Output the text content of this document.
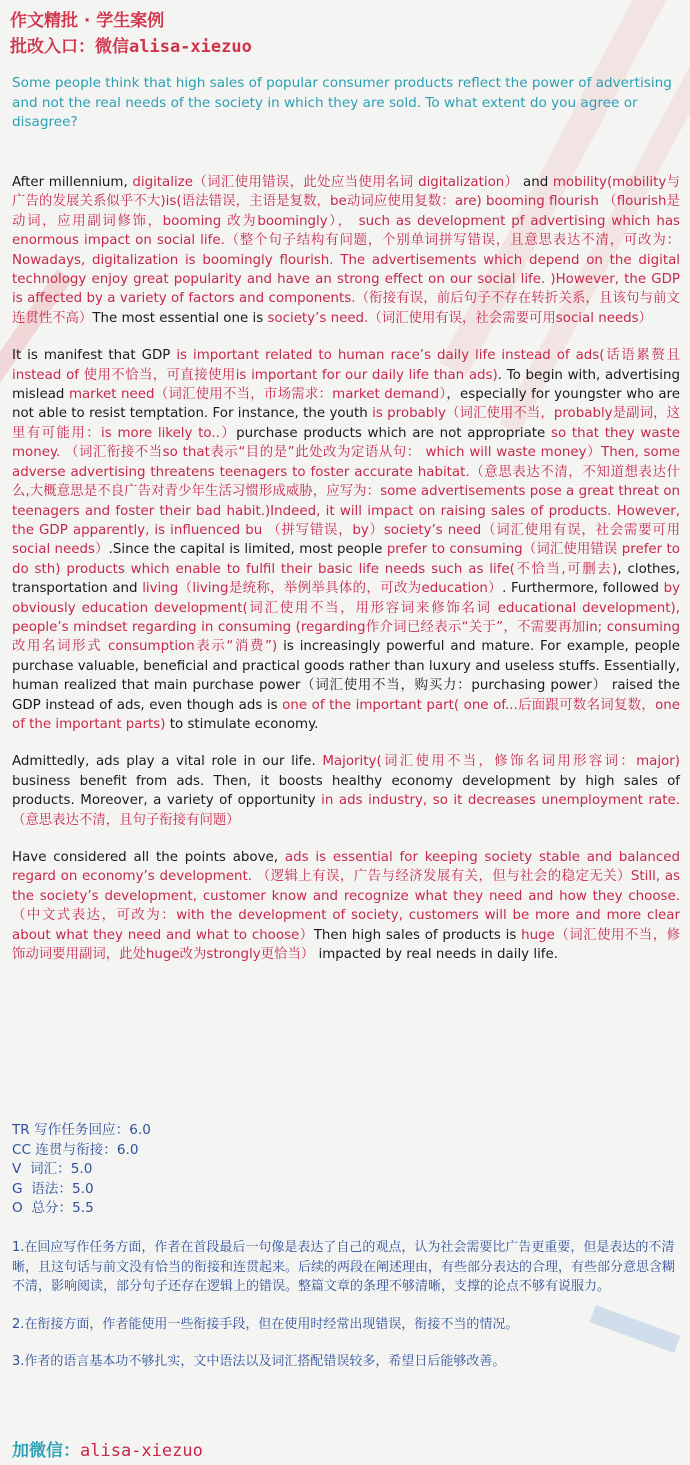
作文精批 · 学生案例
批改入口：微信alisa-xiezuo
Some people think that high sales of popular consumer products reflect the power of advertising and not the real needs of the society in which they are sold. To what extent do you agree or disagree?

After millennium, digitalize（词汇使用错误，此处应当使用名词 digitalization） and mobility(mobility与广告的发展关系似乎不大)is(语法错误，主语是复数，be动词应使用复数：are) booming flourish （flourish是动词，应用副词修饰，booming 改为boomingly）， such as development pf advertising which has enormous impact on social life.（整个句子结构有问题，个别单词拼写错误，且意思表达不清，可改为：Nowadays, digitalization is boomingly flourish. The advertisements which depend on the digital technology enjoy great popularity and have an strong effect on our social life. )However, the GDP is affected by a variety of factors and components.（衔接有误，前后句子不存在转折关系，且该句与前文连贯性不高）The most essential one is society’s need.（词汇使用有误，社会需要可用social needs）

It is manifest that GDP is important related to human race’s daily life instead of ads(话语累赘且instead of 使用不恰当，可直接使用is important for our daily life than ads). To begin with, advertising mislead market need（词汇使用不当，市场需求：market demand），especially for youngster who are not able to resist temptation. For instance, the youth is probably（词汇使用不当，probably是副词，这里有可能用：is more likely to..）purchase products which are not appropriate so that they waste money. （词汇衔接不当so that表示“目的是”此处改为定语从句： which will waste money）Then, some adverse advertising threatens teenagers to foster accurate habitat.（意思表达不清，不知道想表达什么,大概意思是不良广告对青少年生活习惯形成威胁，应写为：some advertisements pose a great threat on teenagers and foster their bad habit.)Indeed, it will impact on raising sales of products. However, the GDP apparently, is influenced bu （拼写错误，by）society’s need（词汇使用有误，社会需要可用social needs）.Since the capital is limited, most people prefer to consuming（词汇使用错误 prefer to do sth) products which enable to fulfil their basic life needs such as life(不恰当,可删去), clothes, transportation and living（living是统称，举例举具体的，可改为education）. Furthermore, followed by obviously education development(词汇使用不当，用形容词来修饰名词 educational development), people’s mindset regarding in consuming (regarding作介词已经表示“关于”，不需要再加in; consuming改用名词形式 consumption表示“消费”) is increasingly powerful and mature. For example, people purchase valuable, beneficial and practical goods rather than luxury and useless stuffs. Essentially, human realized that main purchase power（词汇使用不当，购买力：purchasing power） raised the GDP instead of ads, even though ads is one of the important part( one of...后面跟可数名词复数，one of the important parts) to stimulate economy.

Admittedly, ads play a vital role in our life. Majority(词汇使用不当，修饰名词用形容词：major) business benefit from ads. Then, it boosts healthy economy development by high sales of products. Moreover, a variety of opportunity in ads industry, so it decreases unemployment rate.（意思表达不清，且句子衔接有问题）

Have considered all the points above, ads is essential for keeping society stable and balanced regard on economy’s development. （逻辑上有误，广告与经济发展有关，但与社会的稳定无关）Still, as the society’s development, customer know and recognize what they need and how they choose.（中文式表达，可改为：with the development of society, customers will be more and more clear about what they need and what to choose）Then high sales of products is huge（词汇使用不当，修饰动词要用副词，此处huge改为strongly更恰当） impacted by real needs in daily life.

TR 写作任务回应：6.0
CC 连贯与衔接：6.0
V  词汇：5.0
G  语法：5.0
O  总分：5.5

1.在回应写作任务方面，作者在首段最后一句像是表达了自己的观点，认为社会需要比广告更重要，但是表达的不清晰，且这句话与前文没有恰当的衔接和连贯起来。后续的两段在阐述理由，有些部分表达的合理，有些部分意思含糊不清，影响阅读，部分句子还存在逻辑上的错误。整篇文章的条理不够清晰，支撑的论点不够有说服力。

2.在衔接方面，作者能使用一些衔接手段，但在使用时经常出现错误，衔接不当的情况。

3.作者的语言基本功不够扎实，文中语法以及词汇搭配错误较多，希望日后能够改善。

加微信：alisa-xiezuo
